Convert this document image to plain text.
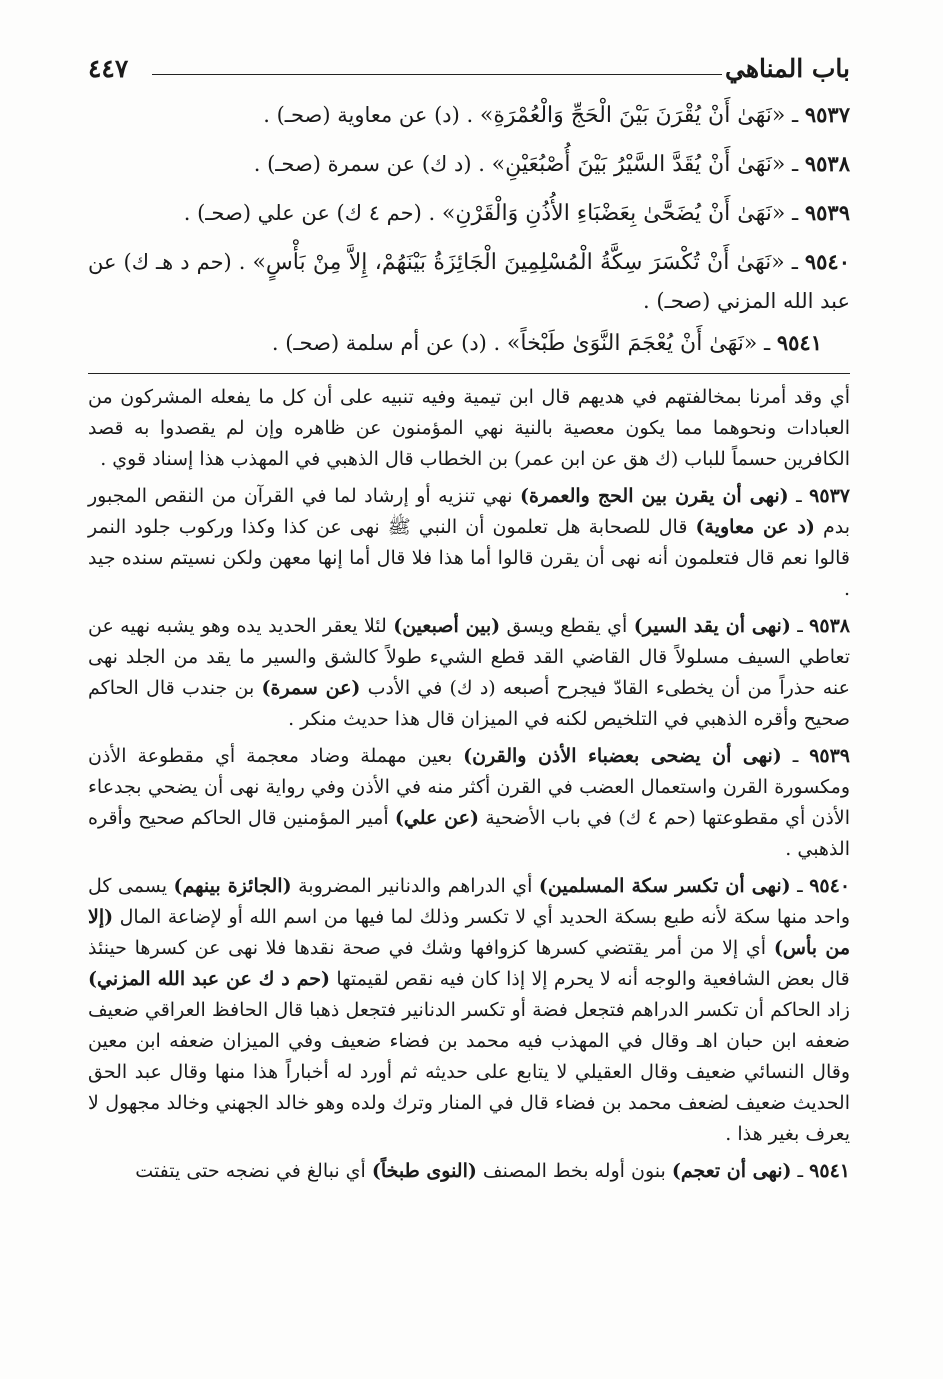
باب المناهي
٤٤٧

٩٥٣٧ ـ «نَهَىٰ أَنْ يُقْرَنَ بَيْنَ الْحَجِّ وَالْعُمْرَةِ» . (د) عن معاوية (صحـ) .

٩٥٣٨ ـ «نَهَىٰ أَنْ يُقَدَّ السَّيْرُ بَيْنَ أُصْبُعَيْنِ» . (د ك) عن سمرة (صحـ) .

٩٥٣٩ ـ «نَهَىٰ أَنْ يُضَحَّىٰ بِعَضْبَاءِ الأُذُنِ وَالْقَرْنِ» . (حم ٤ ك) عن علي (صحـ) .

٩٥٤٠ ـ «نَهَىٰ أَنْ تُكْسَرَ سِكَّةُ الْمُسْلِمِينَ الْجَائِزَةُ بَيْنَهُمْ، إِلاَّ مِنْ بَأْسٍ» . (حم د هـ ك) عن عبد الله المزني (صحـ) .

٩٥٤١ ـ «نَهَىٰ أَنْ يُعْجَمَ النَّوَىٰ طَبْخاً» . (د) عن أم سلمة (صحـ) .

أي وقد أمرنا بمخالفتهم في هديهم قال ابن تيمية وفيه تنبيه على أن كل ما يفعله المشركون من العبادات ونحوهما مما يكون معصية بالنية نهي المؤمنون عن ظاهره وإن لم يقصدوا به قصد الكافرين حسماً للباب (ك هق عن ابن عمر) بن الخطاب قال الذهبي في المهذب هذا إسناد قوي .

٩٥٣٧ ـ (نهى أن يقرن بين الحج والعمرة) نهي تنزيه أو إرشاد لما في القرآن من النقص المجبور بدم (د عن معاوية) قال للصحابة هل تعلمون أن النبي ﷺ نهى عن كذا وكذا وركوب جلود النمر قالوا نعم قال فتعلمون أنه نهى أن يقرن قالوا أما هذا فلا قال أما إنها معهن ولكن نسيتم سنده جيد .

٩٥٣٨ ـ (نهى أن يقد السير) أي يقطع ويسق (بين أصبعين) لئلا يعقر الحديد يده وهو يشبه نهيه عن تعاطي السيف مسلولاً قال القاضي القد قطع الشيء طولاً كالشق والسير ما يقد من الجلد نهى عنه حذراً من أن يخطىء القادّ فيجرح أصبعه (د ك) في الأدب (عن سمرة) بن جندب قال الحاكم صحيح وأقره الذهبي في التلخيص لكنه في الميزان قال هذا حديث منكر .

٩٥٣٩ ـ (نهى أن يضحى بعضباء الأذن والقرن) بعين مهملة وضاد معجمة أي مقطوعة الأذن ومكسورة القرن واستعمال العضب في القرن أكثر منه في الأذن وفي رواية نهى أن يضحي بجدعاء الأذن أي مقطوعتها (حم ٤ ك) في باب الأضحية (عن علي) أمير المؤمنين قال الحاكم صحيح وأقره الذهبي .

٩٥٤٠ ـ (نهى أن تكسر سكة المسلمين) أي الدراهم والدنانير المضروبة (الجائزة بينهم) يسمى كل واحد منها سكة لأنه طبع بسكة الحديد أي لا تكسر وذلك لما فيها من اسم الله أو لإضاعة المال (إلا من بأس) أي إلا من أمر يقتضي كسرها كزوافها وشك في صحة نقدها فلا نهى عن كسرها حينئذ قال بعض الشافعية والوجه أنه لا يحرم إلا إذا كان فيه نقص لقيمتها (حم د ك عن عبد الله المزني) زاد الحاكم أن تكسر الدراهم فتجعل فضة أو تكسر الدنانير فتجعل ذهبا قال الحافظ العراقي ضعيف ضعفه ابن حبان اهـ وقال في المهذب فيه محمد بن فضاء ضعيف وفي الميزان ضعفه ابن معين وقال النسائي ضعيف وقال العقيلي لا يتابع على حديثه ثم أورد له أخباراً هذا منها وقال عبد الحق الحديث ضعيف لضعف محمد بن فضاء قال في المنار وترك ولده وهو خالد الجهني وخالد مجهول لا يعرف بغير هذا .

٩٥٤١ ـ (نهى أن تعجم) بنون أوله بخط المصنف (النوى طبخاً) أي نبالغ في نضجه حتى يتفتت
